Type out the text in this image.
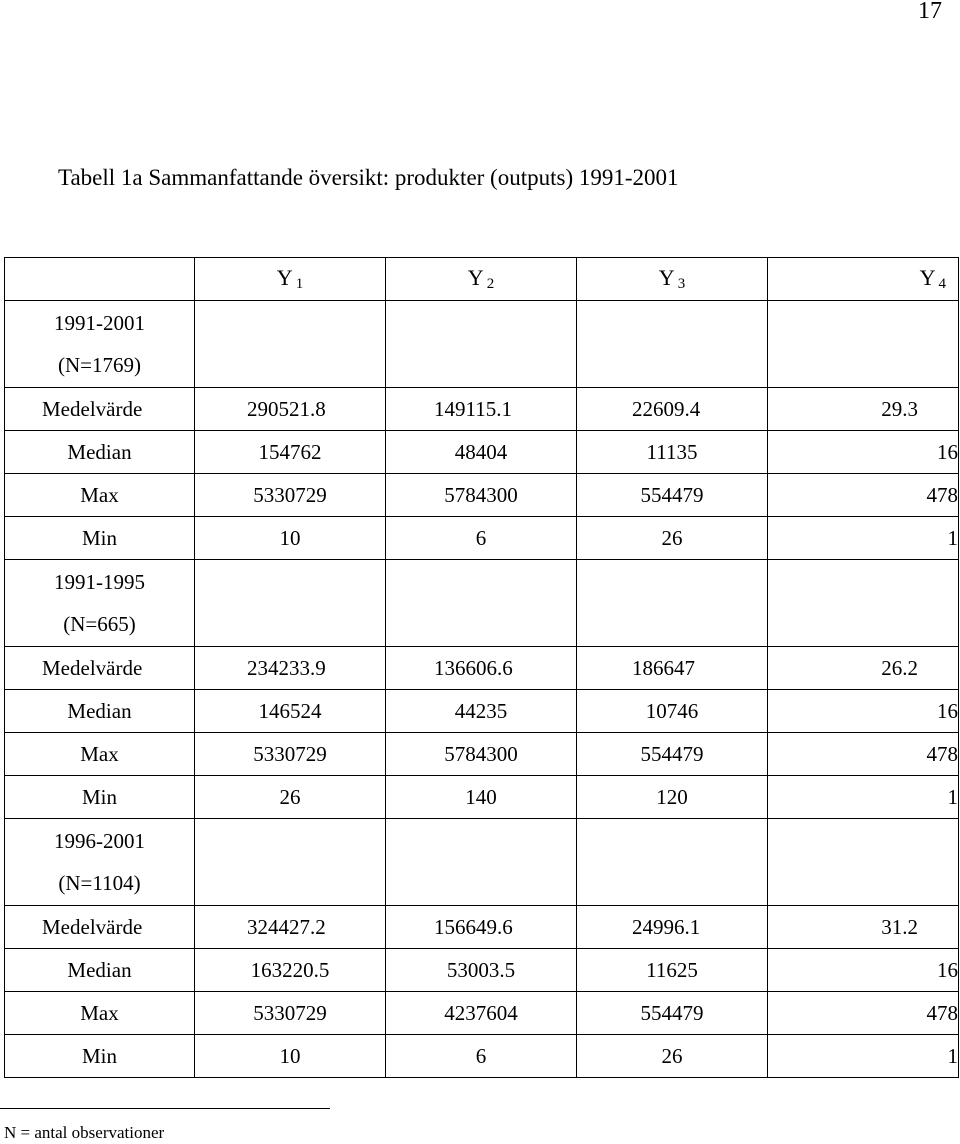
17
Tabell 1a Sammanfattande översikt: produkter (outputs) 1991-2001
	Y $_1$	Y $_2$	Y $_3$	Y $_4$

1991-2001
(N=1769)				

Medelvärde	290521.8	149115.1	22609.4	29.3
Median	154762	48404	11135	16
Max	5330729	5784300	554479	478
Min	10	6	26	1

1991-1995
(N=665)				

Medelvärde	234233.9	136606.6	186647	26.2
Median	146524	44235	10746	16
Max	5330729	5784300	554479	478
Min	26	140	120	1

1996-2001
(N=1104)				

Medelvärde	324427.2	156649.6	24996.1	31.2
Median	163220.5	53003.5	11625	16
Max	5330729	4237604	554479	478
Min	10	6	26	1
N = antal observationer
